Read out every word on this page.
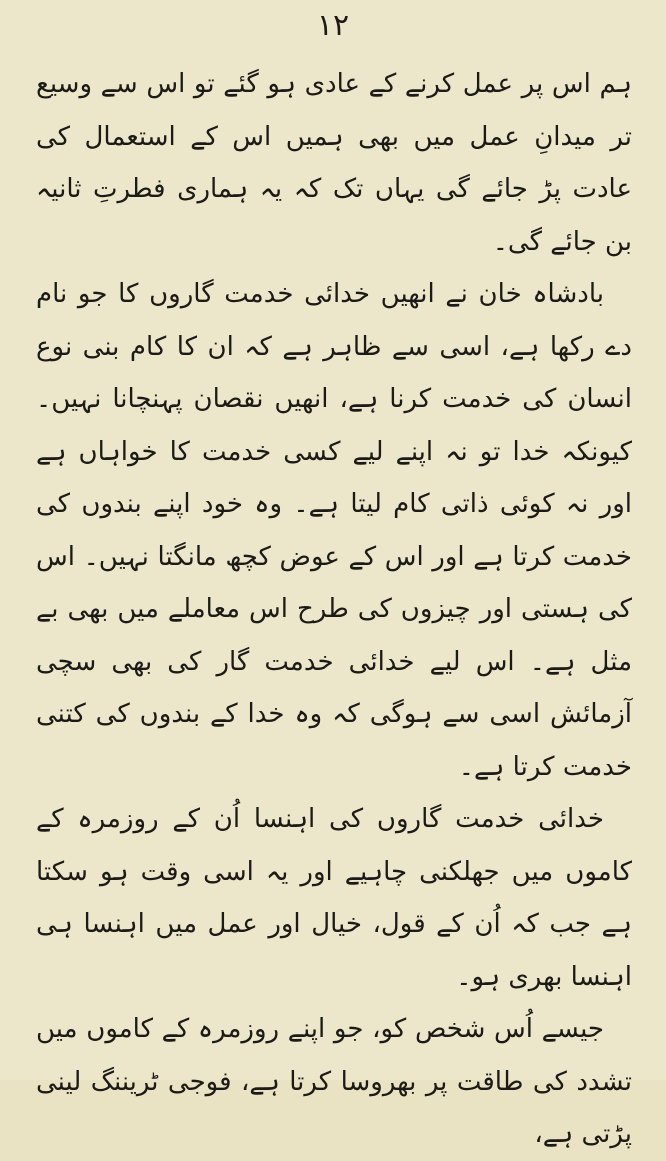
۱۲

ہم اس پر عمل کرنے کے عادی ہو گئے تو اس سے وسیع تر میدانِ عمل میں بھی ہمیں اس کے استعمال کی عادت پڑ جائے گی یہاں تک کہ یہ ہماری فطرتِ ثانیہ بن جائے گی۔

بادشاہ خان نے انھیں خدائی خدمت گاروں کا جو نام دے رکھا ہے، اسی سے ظاہر ہے کہ ان کا کام بنی نوع انسان کی خدمت کرنا ہے، انھیں نقصان پہنچانا نہیں۔ کیونکہ خدا تو نہ اپنے لیے کسی خدمت کا خواہاں ہے اور نہ کوئی ذاتی کام لیتا ہے۔ وہ خود اپنے بندوں کی خدمت کرتا ہے اور اس کے عوض کچھ مانگتا نہیں۔ اس کی ہستی اور چیزوں کی طرح اس معاملے میں بھی بے مثل ہے۔ اس لیے خدائی خدمت گار کی بھی سچی آزمائش اسی سے ہوگی کہ وہ خدا کے بندوں کی کتنی خدمت کرتا ہے۔

خدائی خدمت گاروں کی اہنسا اُن کے روزمرہ کے کاموں میں جھلکنی چاہیے اور یہ اسی وقت ہو سکتا ہے جب کہ اُن کے قول، خیال اور عمل میں اہنسا ہی اہنسا بھری ہو۔

جیسے اُس شخص کو، جو اپنے روزمرہ کے کاموں میں تشدد کی طاقت پر بھروسا کرتا ہے، فوجی ٹریننگ لینی پڑتی ہے،
